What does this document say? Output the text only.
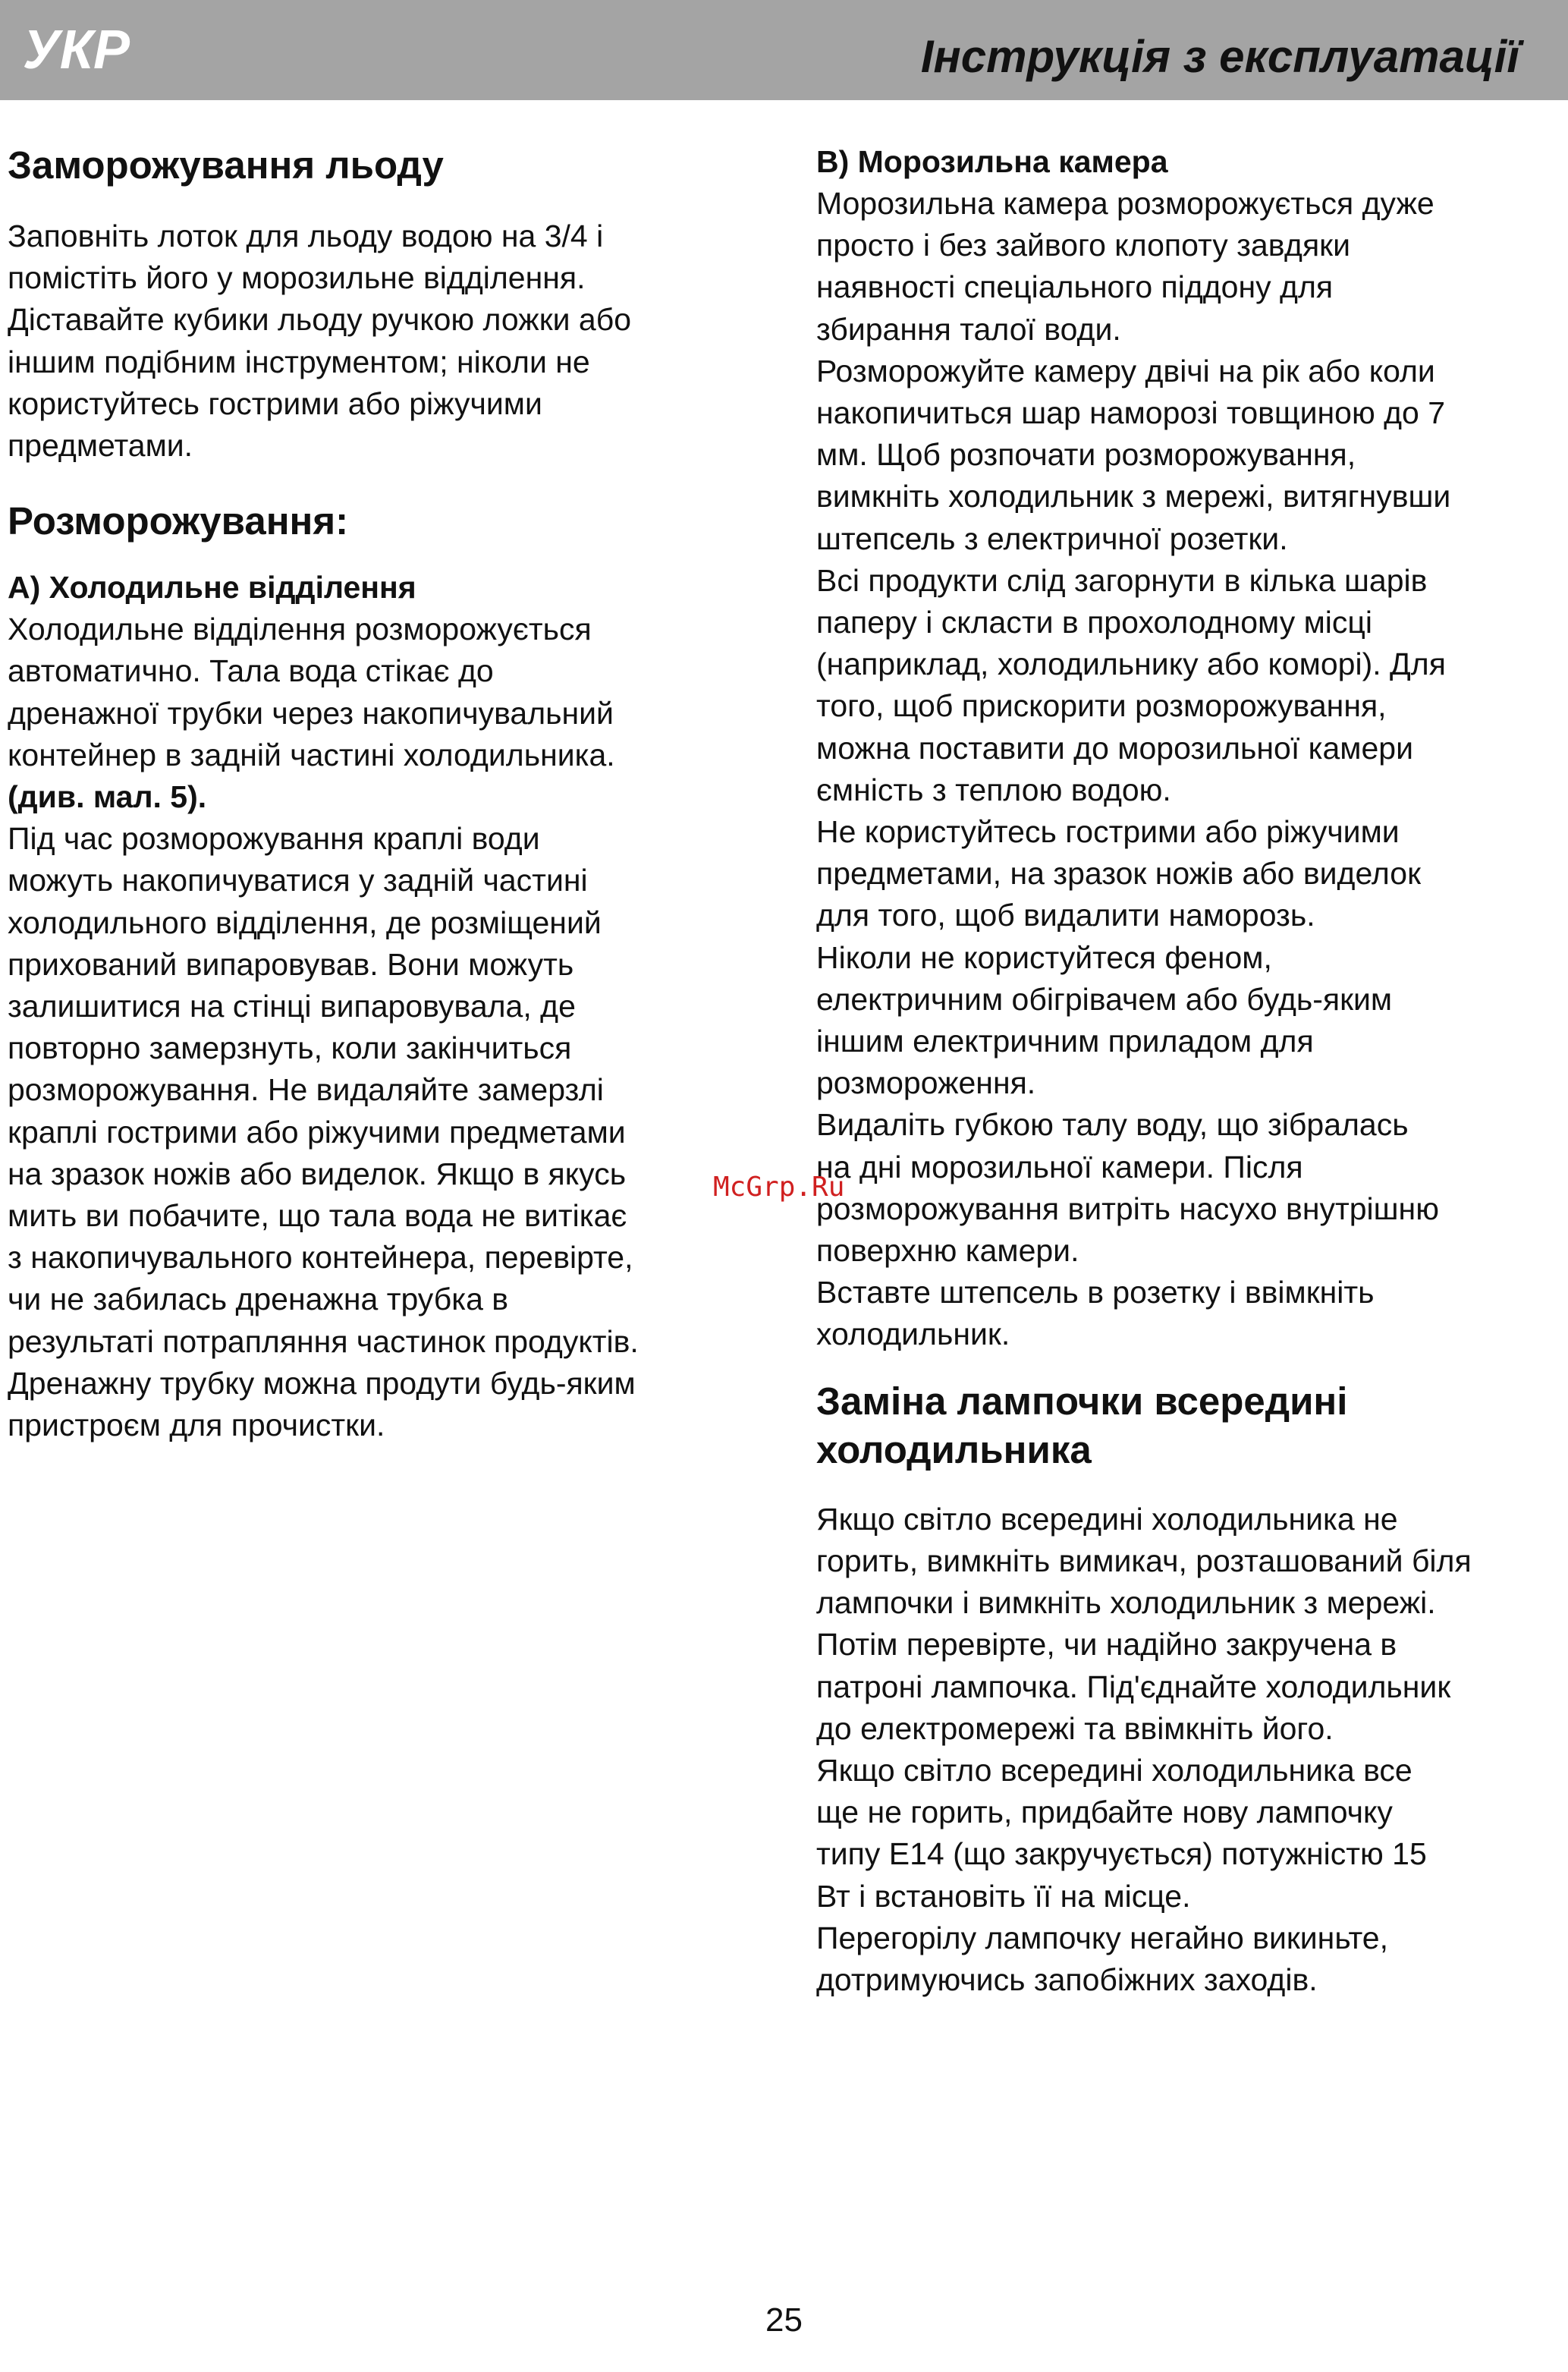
УКР	Інструкція з експлуатації
Заморожування льоду
Заповніть лоток для льоду водою на 3/4 і
помістіть його у морозильне відділення.
Діставайте кубики льоду ручкою ложки або
іншим подібним інструментом; ніколи не
користуйтесь гострими або ріжучими
предметами.
Розморожування:
А) Холодильне відділення
Холодильне відділення розморожується
автоматично. Тала вода стікає до
дренажної трубки через накопичувальний
контейнер в задній частині холодильника.
(див. мал. 5).
Під час розморожування краплі води
можуть накопичуватися у задній частині
холодильного відділення, де розміщений
прихований випаровував. Вони можуть
залишитися на стінці випаровувала, де
повторно замерзнуть, коли закінчиться
розморожування. Не видаляйте замерзлі
краплі гострими або ріжучими предметами
на зразок ножів або виделок. Якщо в якусь
мить ви побачите, що тала вода не витікає
з накопичувального контейнера, перевірте,
чи не забилась дренажна трубка в
результаті потрапляння частинок продуктів.
Дренажну трубку можна продути будь-яким
пристроєм для прочистки.
В) Морозильна камера
Морозильна камера розморожується дуже
просто і без зайвого клопоту завдяки
наявності спеціального піддону для
збирання талої води.
Розморожуйте камеру двічі на рік або коли
накопичиться шар наморозі товщиною до 7
мм. Щоб розпочати розморожування,
вимкніть холодильник з мережі, витягнувши
штепсель з електричної розетки.
Всі продукти слід загорнути в кілька шарів
паперу і скласти в прохолодному місці
(наприклад, холодильнику або коморі). Для
того, щоб прискорити розморожування,
можна поставити до морозильної камери
ємність з теплою водою.
Не користуйтесь гострими або ріжучими
предметами, на зразок ножів або виделок
для того, щоб видалити наморозь.
Ніколи не користуйтеся феном,
електричним обігрівачем або будь-яким
іншим електричним приладом для
розмороження.
Видаліть губкою талу воду, що зібралась
на дні морозильної камери. Після
розморожування витріть насухо внутрішню
поверхню камери.
Вставте штепсель в розетку і ввімкніть
холодильник.
Заміна лампочки всередині
холодильника
Якщо світло всередині холодильника не
горить, вимкніть вимикач, розташований біля
лампочки і вимкніть холодильник з мережі.
Потім перевірте, чи надійно закручена в
патроні лампочка. Під'єднайте холодильник
до електромережі та ввімкніть його.
Якщо світло всередині холодильника все
ще не горить, придбайте нову лампочку
типу Е14 (що закручується) потужністю 15
Вт і встановіть її на місце.
Перегорілу лампочку негайно викиньте,
дотримуючись запобіжних заходів.
McGrp.Ru
25
